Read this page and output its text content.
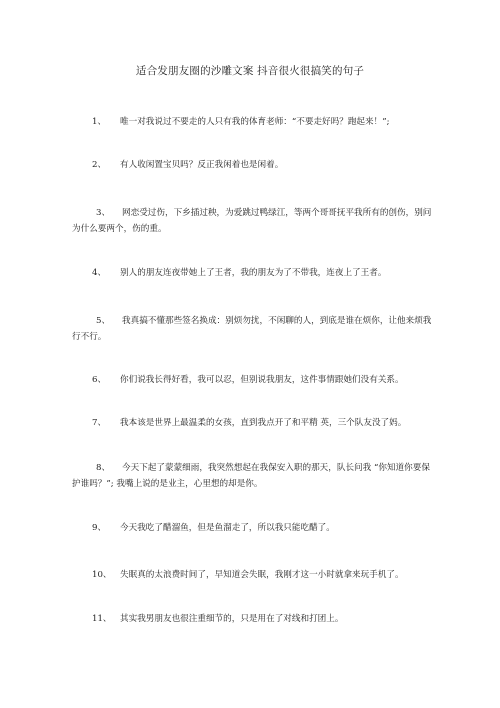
适合发朋友圈的沙雕文案 抖音很火很搞笑的句子

1、 唯一对我说过不要走的人只有我的体育老师：“不要走好吗？跑起来！”;

2、 有人收闲置宝贝吗？反正我闲着也是闲着。

3、 网恋受过伤，下乡插过秧，为爱跳过鸭绿江，等两个哥哥抚平我所有的创伤，别问为什么要两个，伤的重。

4、 别人的朋友连夜带她上了王者，我的朋友为了不带我，连夜上了王者。

5、 我真搞不懂那些签名换成：别烦勿扰，不闲聊的人，到底是谁在烦你，让他来烦我行不行。

6、 你们说我长得好看，我可以忍，但别说我朋友，这件事情跟她们没有关系。

7、 我本该是世界上最温柔的女孩，直到我点开了和平精 英，三个队友没了妈。

8、 今天下起了蒙蒙细雨，我突然想起在我保安入职的那天，队长问我 “你知道你要保护谁吗？”; 我嘴上说的是业主，心里想的却是你。

9、 今天我吃了醋溜鱼，但是鱼溜走了，所以我只能吃醋了。

10、 失眠真的太浪费时间了，早知道会失眠，我刚才这一小时就拿来玩手机了。

11、 其实我男朋友也很注重细节的，只是用在了对线和打团上。
